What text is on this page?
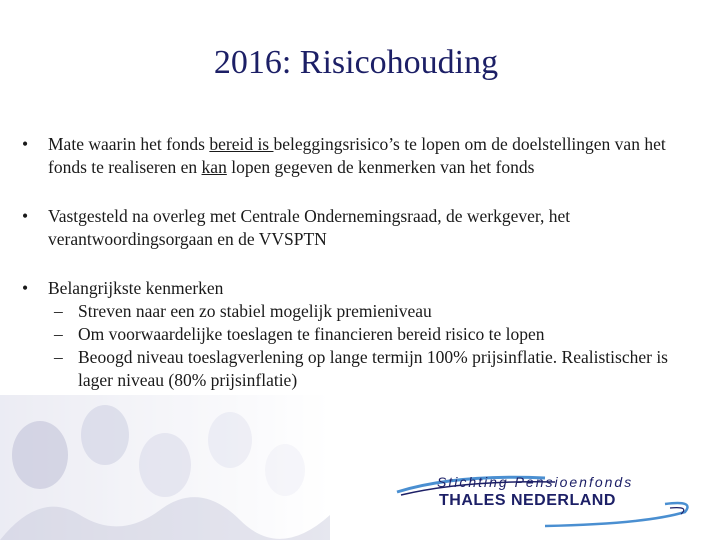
2016: Risicohouding
• Mate waarin het fonds bereid is beleggingsrisico’s te lopen om de doelstellingen van het fonds te realiseren en kan lopen gegeven de kenmerken van het fonds
• Vastgesteld na overleg met Centrale Ondernemingsraad, de werkgever, het verantwoordingsorgaan en de VVSPTN
• Belangrijkste kenmerken
– Streven naar een zo stabiel mogelijk premieniveau
– Om voorwaardelijke toeslagen te financieren bereid risico te lopen
– Beoogd niveau toeslagverlening op lange termijn 100% prijsinflatie. Realistischer is lager niveau (80% prijsinflatie)
Stichting Pensioenfonds
THALES NEDERLAND
